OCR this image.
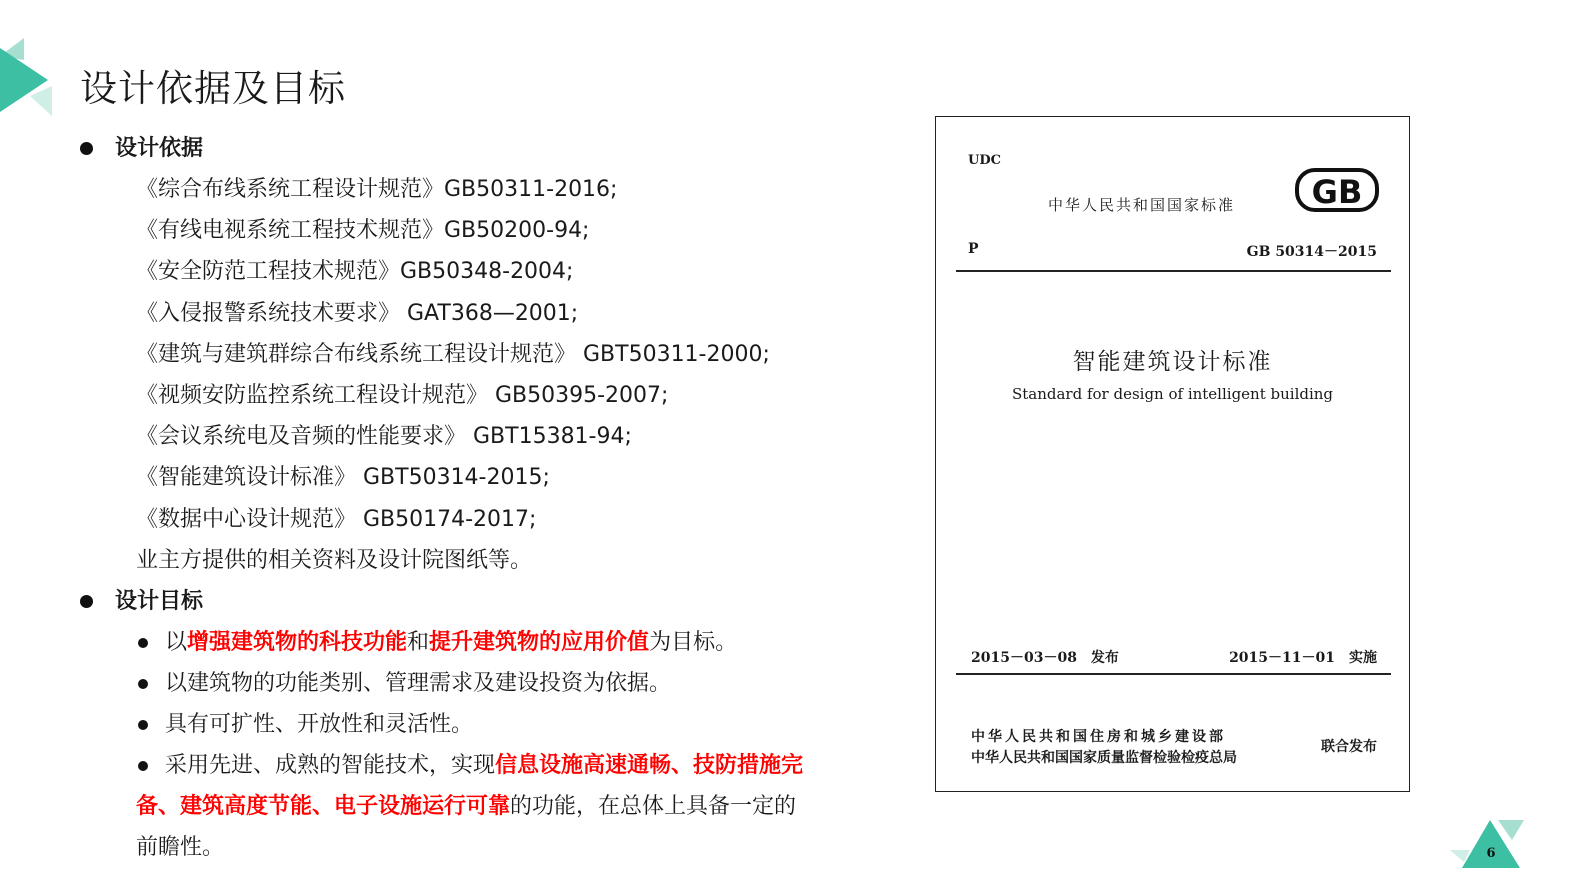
设计依据及目标
设计依据
《综合布线系统工程设计规范》GB50311-2016;
《有线电视系统工程技术规范》GB50200-94;
《安全防范工程技术规范》GB50348-2004;
《入侵报警系统技术要求》 GAT368—2001;
《建筑与建筑群综合布线系统工程设计规范》 GBT50311-2000;
《视频安防监控系统工程设计规范》 GB50395-2007;
《会议系统电及音频的性能要求》 GBT15381-94;
《智能建筑设计标准》 GBT50314-2015;
《数据中心设计规范》 GB50174-2017;
业主方提供的相关资料及设计院图纸等。
设计目标
以增强建筑物的科技功能和提升建筑物的应用价值为目标。
以建筑物的功能类别、管理需求及建设投资为依据。
具有可扩性、开放性和灵活性。
采用先进、成熟的智能技术，实现信息设施高速通畅、技防措施完
备、建筑高度节能、电子设施运行可靠的功能，在总体上具备一定的
前瞻性。
UDC
中华人民共和国国家标准 GB
P	GB 50314－2015
智能建筑设计标准
Standard for design of intelligent building
2015－03－08　发布	2015－11－01　实施
中华人民共和国住房和城乡建设部
中华人民共和国国家质量监督检验检疫总局
联合发布
6
